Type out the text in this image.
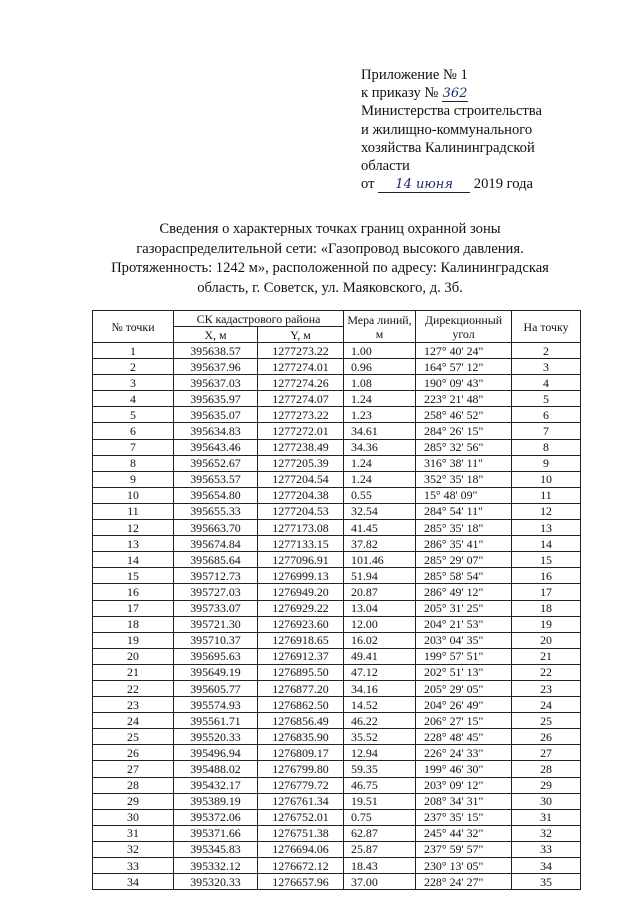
Приложение № 1
к приказу № 362
Министерства строительства
и жилищно-коммунального
хозяйства Калининградской
области
от 14 июня 2019 года
Сведения о характерных точках границ охранной зоны
газораспределительной сети: «Газопровод высокого давления.
Протяженность: 1242 м», расположенной по адресу: Калининградская
область, г. Советск, ул. Маяковского, д. 3б.
№ точки	СК кадастрового района		Мера линий, м	Дирекционный угол	На точку
	X, м	Y, м			
1	395638.57	1277273.22	1.00	127° 40' 24"	2
2	395637.96	1277274.01	0.96	164° 57' 12"	3
3	395637.03	1277274.26	1.08	190° 09' 43"	4
4	395635.97	1277274.07	1.24	223° 21' 48"	5
5	395635.07	1277273.22	1.23	258° 46' 52"	6
6	395634.83	1277272.01	34.61	284° 26' 15"	7
7	395643.46	1277238.49	34.36	285° 32' 56"	8
8	395652.67	1277205.39	1.24	316° 38' 11"	9
9	395653.57	1277204.54	1.24	352° 35' 18"	10
10	395654.80	1277204.38	0.55	15° 48' 09"	11
11	395655.33	1277204.53	32.54	284° 54' 11"	12
12	395663.70	1277173.08	41.45	285° 35' 18"	13
13	395674.84	1277133.15	37.82	286° 35' 41"	14
14	395685.64	1277096.91	101.46	285° 29' 07"	15
15	395712.73	1276999.13	51.94	285° 58' 54"	16
16	395727.03	1276949.20	20.87	286° 49' 12"	17
17	395733.07	1276929.22	13.04	205° 31' 25"	18
18	395721.30	1276923.60	12.00	204° 21' 53"	19
19	395710.37	1276918.65	16.02	203° 04' 35"	20
20	395695.63	1276912.37	49.41	199° 57' 51"	21
21	395649.19	1276895.50	47.12	202° 51' 13"	22
22	395605.77	1276877.20	34.16	205° 29' 05"	23
23	395574.93	1276862.50	14.52	204° 26' 49"	24
24	395561.71	1276856.49	46.22	206° 27' 15"	25
25	395520.33	1276835.90	35.52	228° 48' 45"	26
26	395496.94	1276809.17	12.94	226° 24' 33"	27
27	395488.02	1276799.80	59.35	199° 46' 30"	28
28	395432.17	1276779.72	46.75	203° 09' 12"	29
29	395389.19	1276761.34	19.51	208° 34' 31"	30
30	395372.06	1276752.01	0.75	237° 35' 15"	31
31	395371.66	1276751.38	62.87	245° 44' 32"	32
32	395345.83	1276694.06	25.87	237° 59' 57"	33
33	395332.12	1276672.12	18.43	230° 13' 05"	34
34	395320.33	1276657.96	37.00	228° 24' 27"	35
